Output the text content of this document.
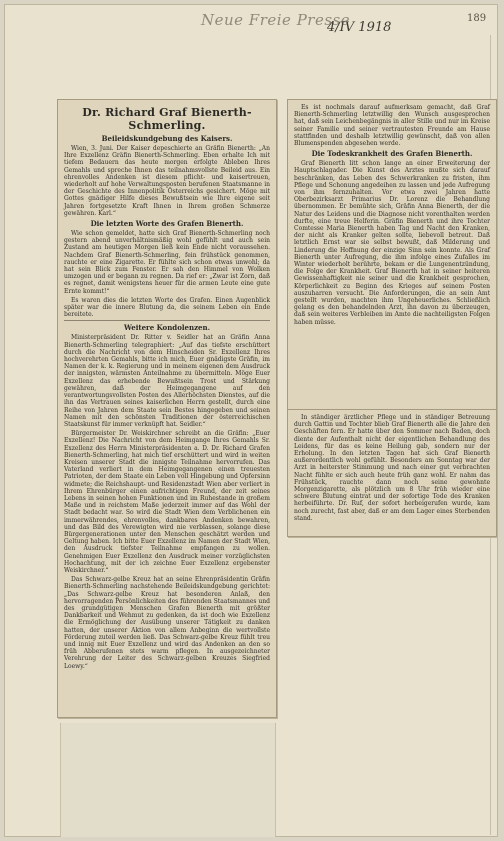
Neue Freie Presse
4/IV 1918
189
Dr. Richard Graf Bienerth-Schmerling.
Beileidskundgebung des Kaisers.

Wien, 3. Juni. Der Kaiser depeschierte an Gräfin Bienerth: „An Ihre Exzellenz Gräfin Bienerth-Schmerling. Eben erhalte Ich mit tiefem Bedauern das heute morgen erfolgte Ableben Ihres Gemahls und spreche Ihnen das teilnahmsvollste Beileid aus. Ein ehrenvolles Andenken ist diesem pflicht- und kaisertreuen, wiederholt auf hohe Verwaltungsposten berufenen Staatsmanne in der Geschichte des Innenpolitik Österreichs gesichert. Möge mit Gottes gnädiger Hilfe dieses Bewußtsein wie Ihre eigene seit Jahren fortgesetzte Kraft Ihnen in Ihrem großen Schmerze gewähren. Karl.“

Die letzten Worte des Grafen Bienerth.

Wie schon gemeldet, hatte sich Graf Bienerth-Schmerling noch gestern abend unverhältnismäßig wohl gefühlt und auch sein Zustand am heutigen Morgen ließ kein Ende nicht voraussehen. Nachdem Graf Bienerth-Schmerling, fein frühstück genommen, rauchte er eine Zigarette. Er fühlte sich schon etwas unwohl; da hat sein Blick zum Fenster. Er sah den Himmel von Wolken umzogen und er begann zu regnen. Da rief er: „Zwar ist Zorn, daß es regnet, damit wenigstens heuer für die armen Leute eine gute Ernte kommt!“

Es waren dies die letzten Worte des Grafen. Einen Augenblick später war die innere Blutung da, die seinem Leben ein Ende bereitete.

Weitere Kondolenzen.

Ministerpräsident Dr. Ritter v. Seidler hat an Gräfin Anna Bienerth-Schmerling telegraphiert: „Auf das tiefste erschüttert durch die Nachricht von dem Hinscheiden Sr. Exzellenz Ihres hochverehrten Gemahls, bitte ich mich, Euer gnädigste Gräfin, im Namen der k. k. Regierung und in meinem eigenen dem Ausdruck der innigsten, wärmsten Anteilnahme zu übermitteln. Möge Euer Exzellenz das erhebende Bewußtsein Trost und Stärkung gewähren, daß der Heimgegangene auf den verantwortungsvollsten Posten des Allerhöchsten Dienstes, auf die ihn das Vertrauen seines kaiserlichen Herrn gestellt, durch eine Reihe von Jahren dem Staate sein Bestes hingegeben und seinen Namen mit den schönsten Traditionen der österreichischen Staatskunst für immer verknüpft hat. Seidler.“

Bürgermeister Dr. Weiskirchner schreibt an die Gräfin: „Euer Exzellenz! Die Nachricht von dem Heimgange Ihres Gemahls Sr. Exzellenz des Herrn Ministerpräsidenten a. D. Dr. Richard Grafen Bienerth-Schmerling, hat mich tief erschüttert und wird in weiten Kreisen unserer Stadt die innigste Teilnahme hervorrufen. Das Vaterland verliert in dem Heimgegangenen einen treuesten Patrioten, der dem Staate ein Leben voll Hingebung und Opfersinn widmete; die Reichshaupt- und Residenzstadt Wien aber verliert in Ihrem Ehrenbürger einen aufrichtigen Freund, der zeit seines Lebens in seinen hohen Funktionen und im Ruhestande in großem Maße und in reichstem Maße jederzeit immer auf das Wohl der Stadt bedacht war. So wird die Stadt Wien dem Verblichenen ein immerwährendes, ehrenvolles, dankbares Andenken bewahren, und das Bild des Verewigten wird nie verblassen, solange diese Bürgergenerationen unter den Menschen geschätzt werden und Geltung haben. Ich bitte Euer Exzellenz im Namen der Stadt Wien, den Ausdruck tiefster Teilnahme empfangen zu wollen. Genehmigen Euer Exzellenz den Ausdruck meiner vorzüglichsten Hochachtung, mit der ich zeichne Euer Exzellenz ergebenster Weiskirchner.“

Das Schwarz-gelbe Kreuz hat an seine Ehrenpräsidentin Gräfin Bienerth-Schmerling nachstehende Beileidskundgebung gerichtet: „Das Schwarz-gelbe Kreuz hat besonderen Anlaß, den hervorragenden Persönlichkeiten des führenden Staatsmannes und des grundgütigen Menschen Grafen Bienerth mit größter Dankbarkeit und Wehmut zu gedenken, da ist doch wie Exzellenz die Ermöglichung der Ausübung unserer Tätigkeit zu danken hatten, der unserer Aktion von allem Anbeginn die wertvollste Förderung zuteil werden ließ. Das Schwarz-gelbe Kreuz fühlt treu und innig mit Euer Exzellenz und wird das Andenken an den so früh Abberufenen stets warm pflegen. In ausgezeichneter Verehrung der Leiter des Schwarz-gelben Kreuzes Siegfried Loewy.“

Es ist nochmals darauf aufmerksam gemacht, daß Graf Bienerth-Schmerling letztwillig den Wunsch ausgesprochen hat, daß sein Leichenbegängnis in aller Stille und nur im Kreise seiner Familie und seiner vertrautesten Freunde am Hause stattfinden und deshalb letztwillig gewünscht, daß von allen Blumenspenden abgesehen werde.

Die Todeskrankheit des Grafen Bienerth.

Graf Bienerth litt schon lange an einer Erweiterung der Hauptschlagader. Die Kunst des Arztes mußte sich darauf beschränken, das Leben des Schwerkranken zu fristen, ihm Pflege und Schonung angedeihen zu lassen und jede Aufregung von ihm fernzuhalten. Vor etwa zwei Jahren hatte Oberbezirksarzt Primarius Dr. Lorenz die Behandlung übernommen. Er bemühte sich, Gräfin Anna Bienerth, der die Natur des Leidens und die Diagnose nicht vorenthalten werden durfte, eine treue Helferin. Gräfin Bienerth und ihre Tochter Comtesse Maria Bienerth haben Tag und Nacht den Kranken, der nicht als Kranker gelten sollte, liebevoll betreut. Daß letztlich Ernst war sie selbst bewußt, daß Milderung und Linderung die Hoffnung der einzige Sinn sein konnte. Als Graf Bienerth unter Aufregung, die ihm infolge eines Zufalles im Winter wiederholt berührte, bekam er die Lungenentzündung, die Folge der Krankheit. Graf Bienerth hat in seiner heiteren Gewissenhaftigkeit nie seiner und die Krankheit gesprochen, Körperlichkeit zu Beginn des Krieges auf seinem Posten auszuharren versucht. Die Anforderungen, die an sein Amt gestellt wurden, machten ihm Ungeheuerliches. Schließlich gelang es den behandelnden Arzt, ihn davon zu überzeugen, daß sein weiteres Verbleiben im Amte die nachteiligsten Folgen haben müsse.

In ständiger ärztlicher Pflege und in ständiger Betreuung durch Gattin und Tochter blieb Graf Bienerth alle die Jahre den Geschäften fern. Er hatte über den Sommer nach Baden, doch diente der Aufenthalt nicht der eigentlichen Behandlung des Leidens, für das es keine Heilung gab, sondern nur der Erholung. In den letzten Tagen hat sich Graf Bienerth außerordentlich wohl gefühlt. Besonders am Sonntag war der Arzt in heiterster Stimmung und nach einer gut verbrachten Nacht fühlte er sich auch heute früh ganz wohl. Er nahm das Frühstück, rauchte dann noch seine gewohnte Morgenzigarette, als plötzlich um 8 Uhr früh wieder eine schwere Blutung eintrat und der sofortige Tode des Kranken herbeiführte. Dr. Ruf, der sofort herbeigerufen wurde, kam noch zurecht, fast aber, daß er am dem Lager eines Sterbenden stand.
